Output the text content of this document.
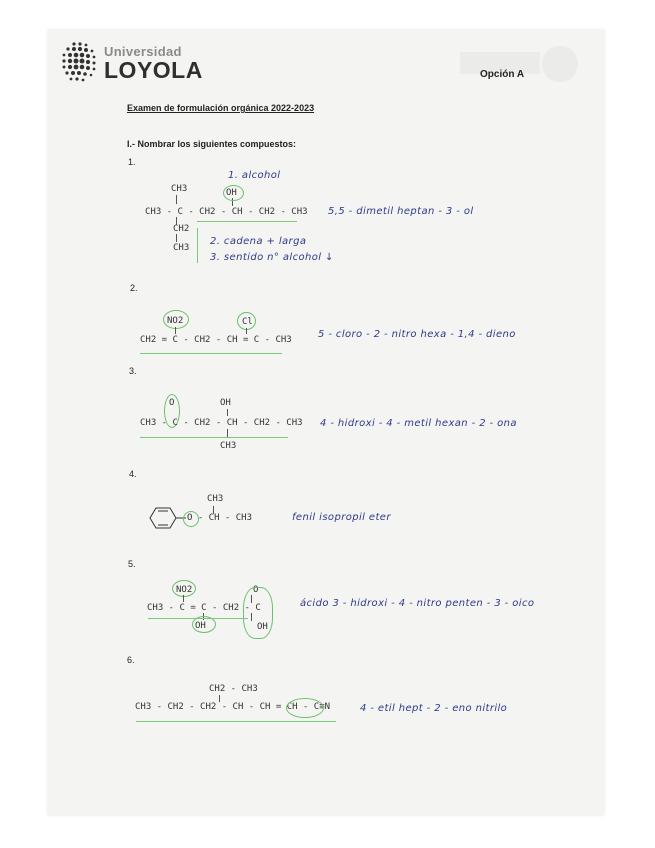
Universidad
LOYOLA	Opción A
Examen de formulación orgánica 2022-2023
I.- Nombrar los siguientes compuestos:
1.
1. alcohol
CH3	OH
CH3 - C - CH2 - CH - CH2 - CH3
CH2
CH3
2. cadena + larga
3. sentido n° alcohol ↓
5,5 - dimetil heptan - 3 - ol
2.
NO2	Cl
CH2 = C - CH2 - CH = C - CH3	5 - cloro - 2 - nitro hexa - 1,4 - dieno
3.
O	OH
CH3 - C - CH2 - CH - CH2 - CH3
CH3
4 - hidroxi - 4 - metil hexan - 2 - ona
4.
CH3
O - CH - CH3	fenil isopropil eter
5.
NO2	O
CH3 - C = C - CH2 - C
OH	OH
ácido 3 - hidroxi - 4 - nitro penten - 3 - oico
6.
CH2 - CH3
CH3 - CH2 - CH2 - CH - CH = CH - C≡N	4 - etil hept - 2 - eno nitrilo
